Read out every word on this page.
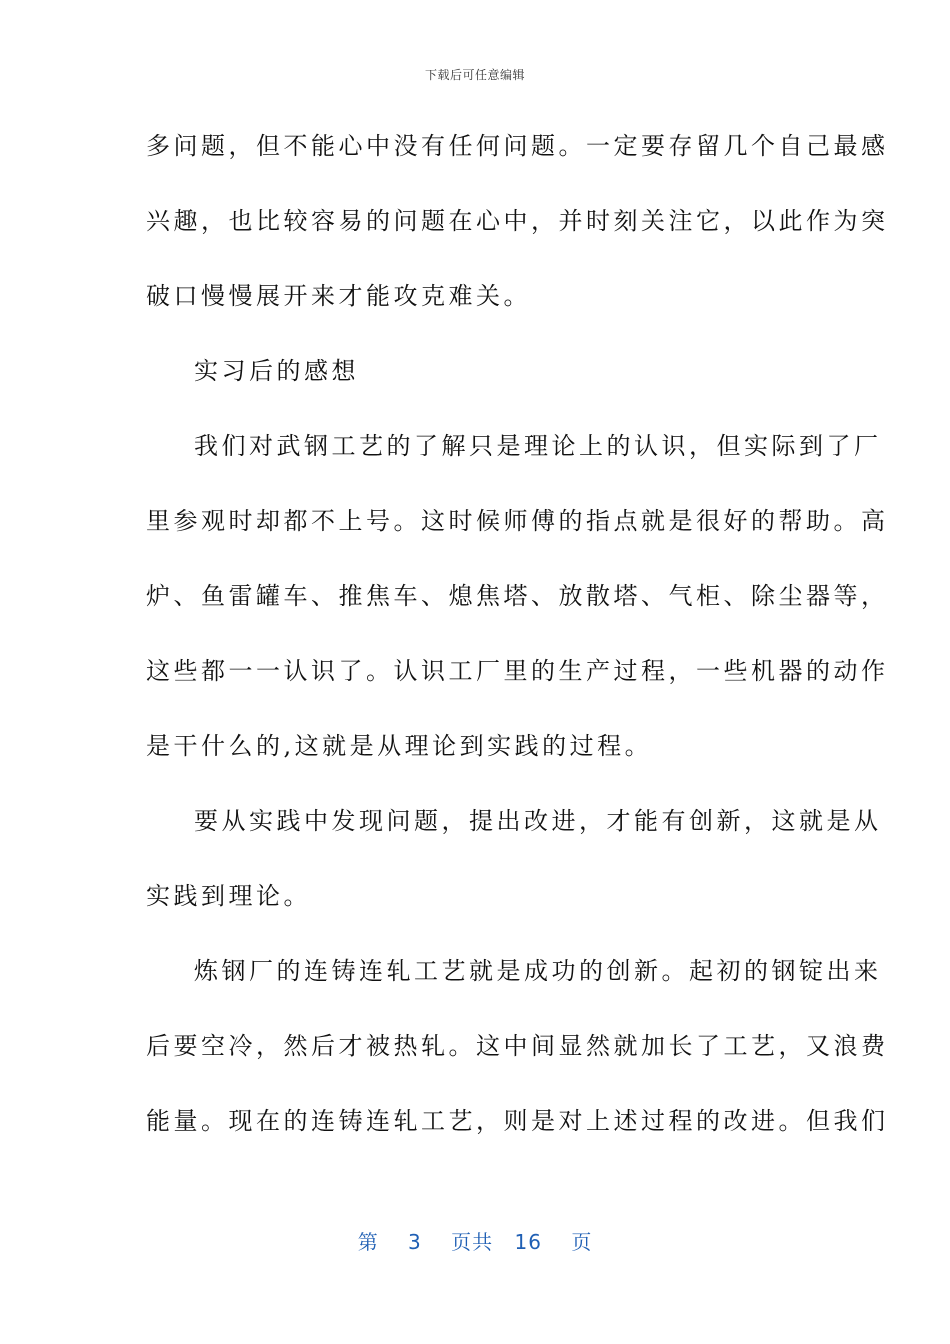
下载后可任意编辑
多问题，但不能心中没有任何问题。一定要存留几个自己最感
兴趣，也比较容易的问题在心中，并时刻关注它，以此作为突
破口慢慢展开来才能攻克难关。
实习后的感想
我们对武钢工艺的了解只是理论上的认识，但实际到了厂
里参观时却都不上号。这时候师傅的指点就是很好的帮助。高
炉、鱼雷罐车、推焦车、熄焦塔、放散塔、气柜、除尘器等，
这些都一一认识了。认识工厂里的生产过程，一些机器的动作
是干什么的,这就是从理论到实践的过程。
要从实践中发现问题，提出改进，才能有创新，这就是从
实践到理论。
炼钢厂的连铸连轧工艺就是成功的创新。起初的钢锭出来
后要空冷，然后才被热轧。这中间显然就加长了工艺，又浪费
能量。现在的连铸连轧工艺，则是对上述过程的改进。但我们
第 3 页共 16 页
